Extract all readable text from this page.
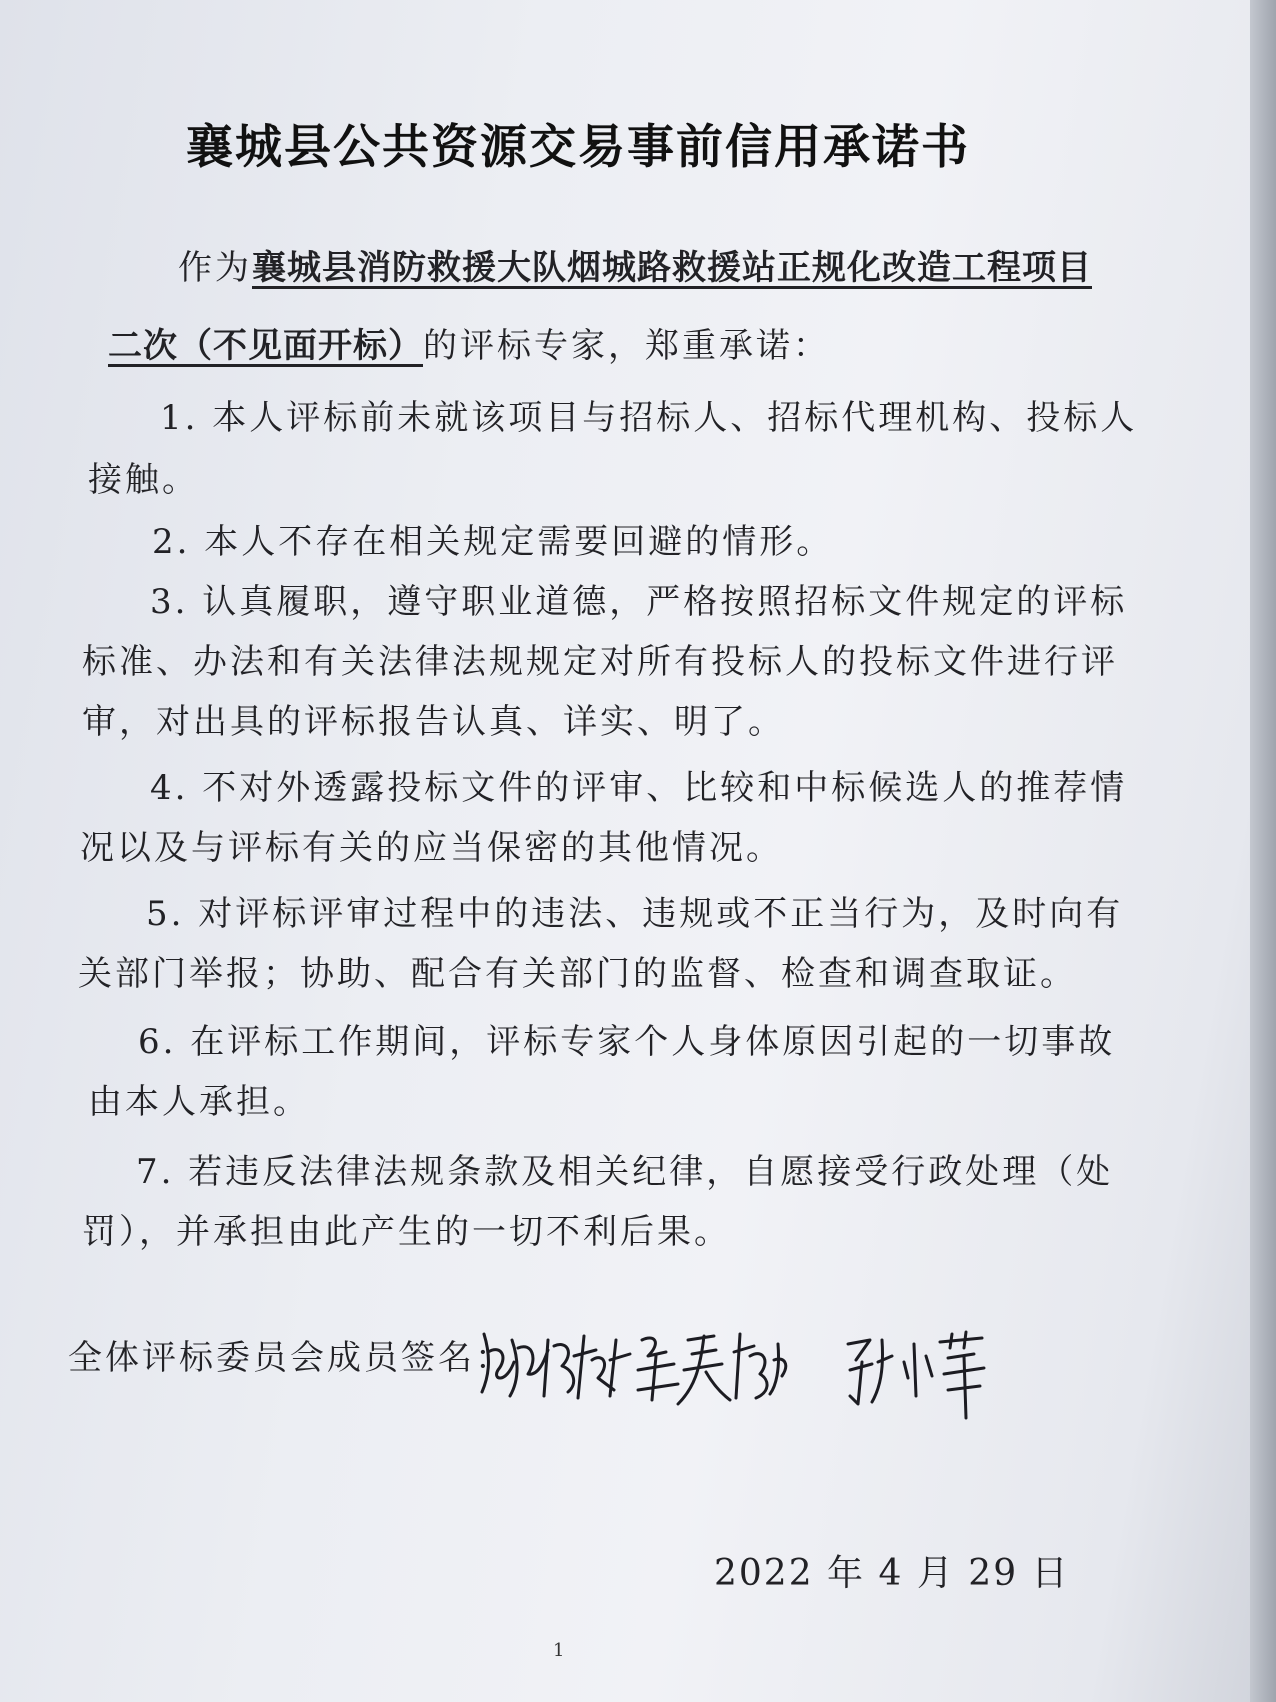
襄城县公共资源交易事前信用承诺书
作为襄城县消防救援大队烟城路救援站正规化改造工程项目
二次（不见面开标）的评标专家，郑重承诺：
1. 本人评标前未就该项目与招标人、招标代理机构、投标人
接触。
2. 本人不存在相关规定需要回避的情形。
3. 认真履职，遵守职业道德，严格按照招标文件规定的评标
标准、办法和有关法律法规规定对所有投标人的投标文件进行评
审，对出具的评标报告认真、详实、明了。
4. 不对外透露投标文件的评审、比较和中标候选人的推荐情
况以及与评标有关的应当保密的其他情况。
5. 对评标评审过程中的违法、违规或不正当行为，及时向有
关部门举报；协助、配合有关部门的监督、检查和调查取证。
6. 在评标工作期间，评标专家个人身体原因引起的一切事故
由本人承担。
7. 若违反法律法规条款及相关纪律，自愿接受行政处理（处
罚），并承担由此产生的一切不利后果。
全体评标委员会成员签名：
2022 年 4 月 29 日
1
